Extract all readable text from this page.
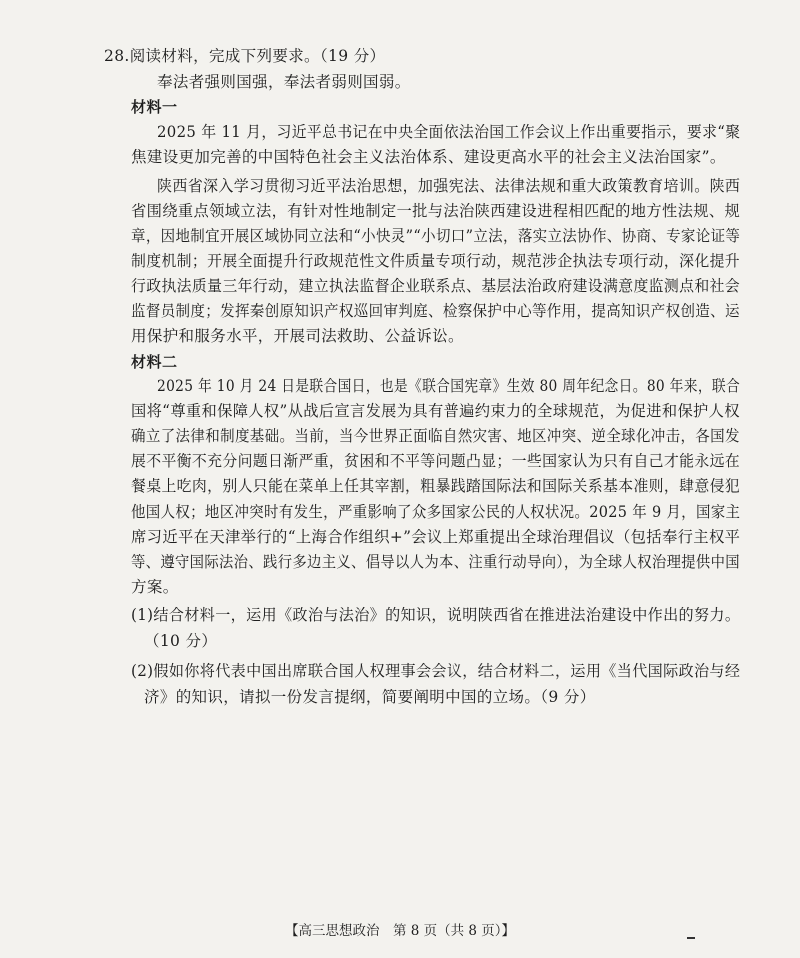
28.阅读材料，完成下列要求。（19 分）
奉法者强则国强，奉法者弱则国弱。
材料一
2025 年 11 月，习近平总书记在中央全面依法治国工作会议上作出重要指示，要求“聚
焦建设更加完善的中国特色社会主义法治体系、建设更高水平的社会主义法治国家”。
陕西省深入学习贯彻习近平法治思想，加强宪法、法律法规和重大政策教育培训。陕西
省围绕重点领域立法，有针对性地制定一批与法治陕西建设进程相匹配的地方性法规、规
章，因地制宜开展区域协同立法和“小快灵”“小切口”立法，落实立法协作、协商、专家论证等
制度机制；开展全面提升行政规范性文件质量专项行动，规范涉企执法专项行动，深化提升
行政执法质量三年行动，建立执法监督企业联系点、基层法治政府建设满意度监测点和社会
监督员制度；发挥秦创原知识产权巡回审判庭、检察保护中心等作用，提高知识产权创造、运
用保护和服务水平，开展司法救助、公益诉讼。
材料二
2025 年 10 月 24 日是联合国日，也是《联合国宪章》生效 80 周年纪念日。80 年来，联合
国将“尊重和保障人权”从战后宣言发展为具有普遍约束力的全球规范，为促进和保护人权
确立了法律和制度基础。当前，当今世界正面临自然灾害、地区冲突、逆全球化冲击，各国发
展不平衡不充分问题日渐严重，贫困和不平等问题凸显；一些国家认为只有自己才能永远在
餐桌上吃肉，别人只能在菜单上任其宰割，粗暴践踏国际法和国际关系基本准则，肆意侵犯
他国人权；地区冲突时有发生，严重影响了众多国家公民的人权状况。2025 年 9 月，国家主
席习近平在天津举行的“上海合作组织+”会议上郑重提出全球治理倡议（包括奉行主权平
等、遵守国际法治、践行多边主义、倡导以人为本、注重行动导向），为全球人权治理提供中国
方案。
(1)结合材料一，运用《政治与法治》的知识，说明陕西省在推进法治建设中作出的努力。
（10 分）
(2)假如你将代表中国出席联合国人权理事会会议，结合材料二，运用《当代国际政治与经
济》的知识，请拟一份发言提纲，简要阐明中国的立场。（9 分）
【高三思想政治　第 8 页（共 8 页）】
